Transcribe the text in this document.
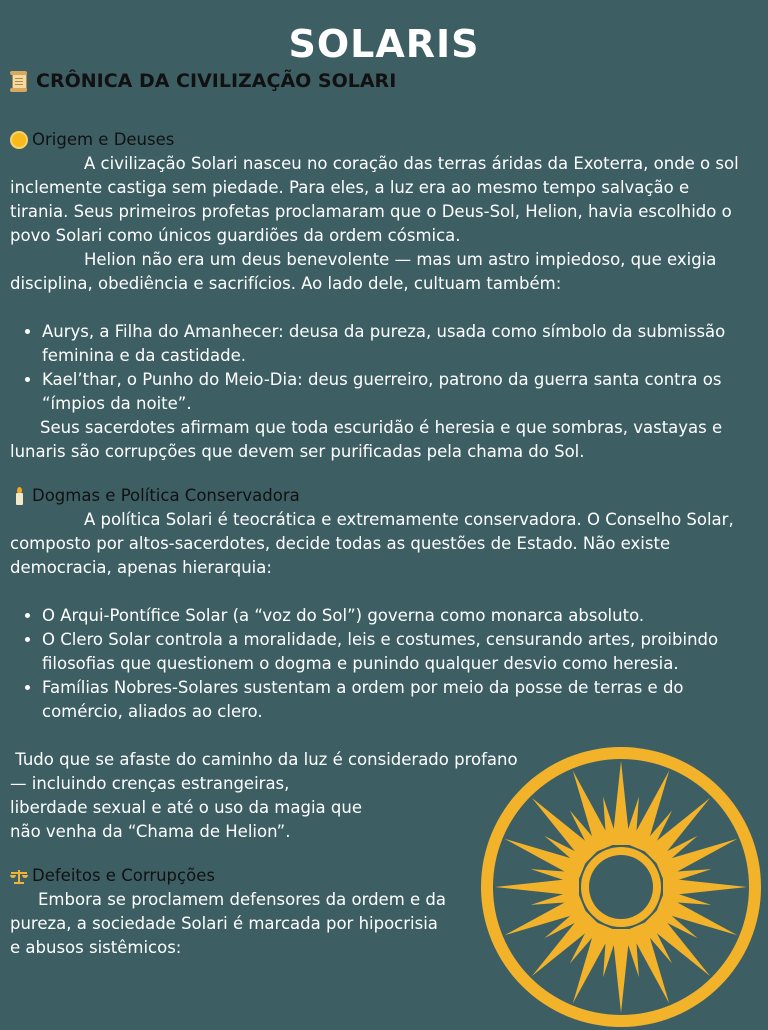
SOLARIS
CRÔNICA DA CIVILIZAÇÃO SOLARI
Origem e Deuses

A civilização Solari nasceu no coração das terras áridas da Exoterra, onde o sol inclemente castiga sem piedade. Para eles, a luz era ao mesmo tempo salvação e tirania. Seus primeiros profetas proclamaram que o Deus-Sol, Helion, havia escolhido o povo Solari como únicos guardiões da ordem cósmica.

Helion não era um deus benevolente — mas um astro impiedoso, que exigia disciplina, obediência e sacrifícios. Ao lado dele, cultuam também:

• Aurys, a Filha do Amanhecer: deusa da pureza, usada como símbolo da submissão feminina e da castidade.
• Kael’thar, o Punho do Meio-Dia: deus guerreiro, patrono da guerra santa contra os “ímpios da noite”.

Seus sacerdotes afirmam que toda escuridão é heresia e que sombras, vastayas e lunaris são corrupções que devem ser purificadas pela chama do Sol.

Dogmas e Política Conservadora

A política Solari é teocrática e extremamente conservadora. O Conselho Solar, composto por altos-sacerdotes, decide todas as questões de Estado. Não existe democracia, apenas hierarquia:

• O Arqui-Pontífice Solar (a “voz do Sol”) governa como monarca absoluto.
• O Clero Solar controla a moralidade, leis e costumes, censurando artes, proibindo filosofias que questionem o dogma e punindo qualquer desvio como heresia.
• Famílias Nobres-Solares sustentam a ordem por meio da posse de terras e do comércio, aliados ao clero.

Tudo que se afaste do caminho da luz é considerado profano

— incluindo crenças estrangeiras,

liberdade sexual e até o uso da magia que

não venha da “Chama de Helion”.

Defeitos e Corrupções

Embora se proclamem defensores da ordem e da

pureza, a sociedade Solari é marcada por hipocrisia

e abusos sistêmicos:
